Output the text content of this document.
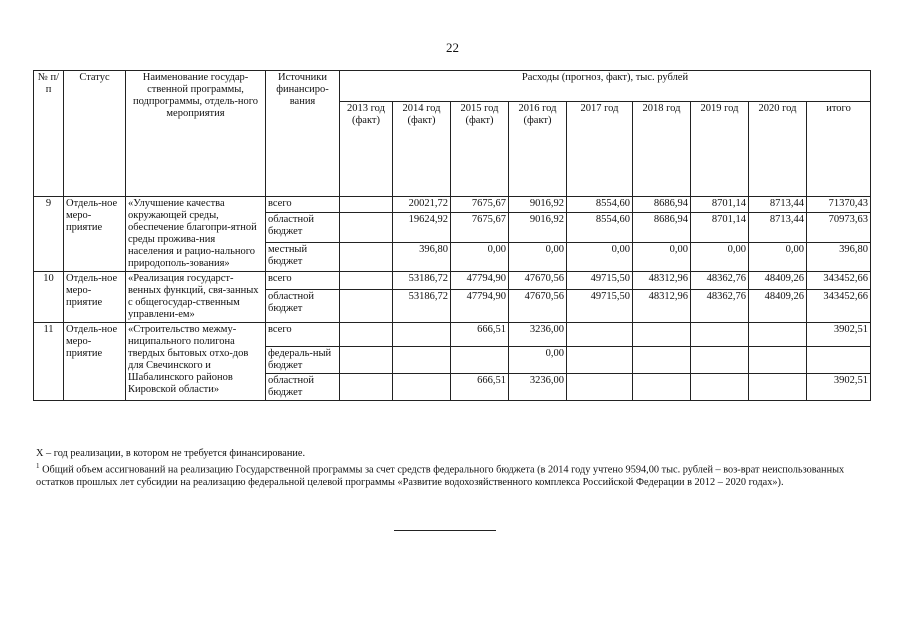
22
№ п/п	Статус	Наименование государ-ственной программы, подпрограммы, отдель-ного мероприятия	Источники финансиро-вания	Расходы (прогноз, факт), тыс. рублей								
				2013 год (факт)	2014 год (факт)	2015 год (факт)	2016 год (факт)	2017 год	2018 год	2019 год	2020 год	итого
9	Отдель-ное меро-приятие	«Улучшение качества окружающей среды, обеспечение благопри-ятной среды прожива-ния населения и рацио-нального природополь-зования»	всего		20021,72	7675,67	9016,92	8554,60	8686,94	8701,14	8713,44	71370,43
			областной бюджет		19624,92	7675,67	9016,92	8554,60	8686,94	8701,14	8713,44	70973,63
			местный бюджет		396,80	0,00	0,00	0,00	0,00	0,00	0,00	396,80
10	Отдель-ное меро-приятие	«Реализация государст-венных функций, свя-занных с общегосудар-ственным управлени-ем»	всего		53186,72	47794,90	47670,56	49715,50	48312,96	48362,76	48409,26	343452,66
			областной бюджет		53186,72	47794,90	47670,56	49715,50	48312,96	48362,76	48409,26	343452,66
11	Отдель-ное меро-приятие	«Строительство межму-ниципального полигона твердых бытовых отхо-дов для Свечинского и Шабалинского районов Кировской области»	всего			666,51	3236,00					3902,51
			федераль-ный бюджет				0,00					
			областной бюджет			666,51	3236,00					3902,51

X – год реализации, в котором не требуется финансирование.

$^1$ Общий объем ассигнований на реализацию Государственной программы за счет средств федерального бюджета (в 2014 году учтено 9594,00 тыс. рублей – воз-врат неиспользованных остатков прошлых лет субсидии на реализацию федеральной целевой программы «Развитие водохозяйственного комплекса Российской Федерации в 2012 – 2020 годах»).
